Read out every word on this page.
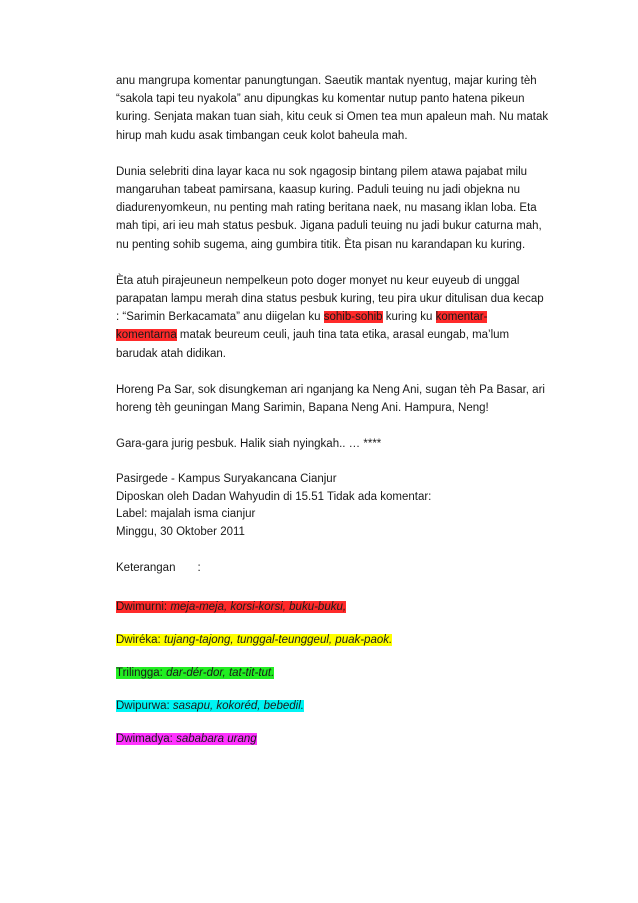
anu mangrupa komentar panungtungan. Saeutik mantak nyentug, majar kuring tèh
“sakola tapi teu nyakola” anu dipungkas ku komentar nutup panto hatena pikeun
kuring. Senjata makan tuan siah, kitu ceuk si Omen tea mun apaleun mah. Nu matak
hirup mah kudu asak timbangan ceuk kolot baheula mah.

Dunia selebriti dina layar kaca nu sok ngagosip bintang pilem atawa pajabat milu
mangaruhan tabeat pamirsana, kaasup kuring. Paduli teuing nu jadi objekna nu
diadurenyomkeun, nu penting mah rating beritana naek, nu masang iklan loba. Eta
mah tipi, ari ieu mah status pesbuk. Jigana paduli teuing nu jadi bukur caturna mah,
nu penting sohib sugema, aing gumbira titik. Èta pisan nu karandapan ku kuring.

Èta atuh pirajeuneun nempelkeun poto doger monyet nu keur euyeub di unggal
parapatan lampu merah dina status pesbuk kuring, teu pira ukur ditulisan dua kecap
: “Sarimin Berkacamata” anu diigelan ku sohib-sohib kuring ku komentar-
komentarna matak beureum ceuli, jauh tina tata etika, arasal eungab, ma’lum
barudak atah didikan.

Horeng Pa Sar, sok disungkeman ari nganjang ka Neng Ani, sugan tèh Pa Basar, ari
horeng tèh geuningan Mang Sarimin, Bapana Neng Ani. Hampura, Neng!

Gara-gara jurig pesbuk. Halik siah nyingkah.. … ****

Pasirgede - Kampus Suryakancana Cianjur
Diposkan oleh Dadan Wahyudin di 15.51 Tidak ada komentar:
Label: majalah isma cianjur
Minggu, 30 Oktober 2011
Keterangan :
Dwimurni: meja-meja, korsi-korsi, buku-buku,
Dwiréka: tujang-tajong, tunggal-teunggeul, puak-paok.
Trilingga: dar-dér-dor, tat-tit-tut.
Dwipurwa: sasapu, kokoréd, bebedil.
Dwimadya: sababara urang
